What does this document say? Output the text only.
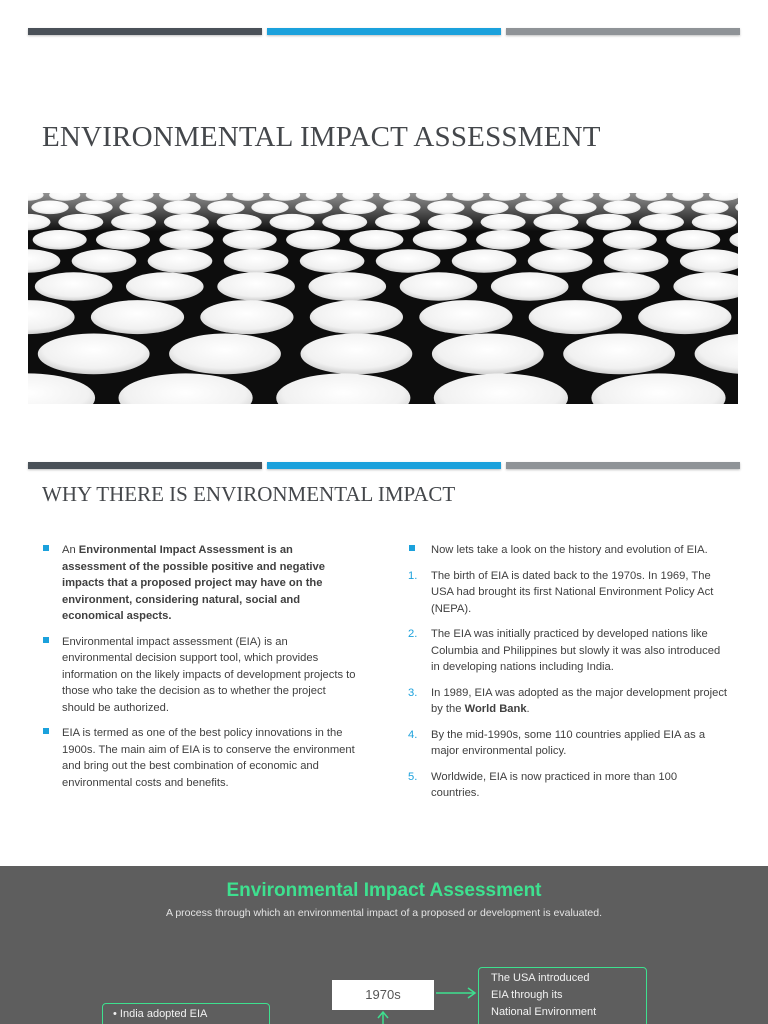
ENVIRONMENTAL IMPACT ASSESSMENT
WHY THERE IS ENVIRONMENTAL IMPACT
An Environmental Impact Assessment is an assessment of the possible positive and negative impacts that a proposed project may have on the environment, considering natural, social and economical aspects.
Environmental impact assessment (EIA) is an environmental decision support tool, which provides information on the likely impacts of development projects to those who take the decision as to whether the project should be authorized.
EIA is termed as one of the best policy innovations in the 1900s. The main aim of EIA is to conserve the environment and bring out the best combination of economic and environmental costs and benefits.
Now lets take a look on the history and evolution of EIA.
1. The birth of EIA is dated back to the 1970s. In 1969, The USA had brought its first National Environment Policy Act (NEPA).
2. The EIA was initially practiced by developed nations like Columbia and Philippines but slowly it was also introduced in developing nations including India.
3. In 1989, EIA was adopted as the major development project by the World Bank.
4. By the mid-1990s, some 110 countries applied EIA as a major environmental policy.
5. Worldwide, EIA is now practiced in more than 100 countries.
Environmental Impact Assessment
A process through which an environmental impact of a proposed or development is evaluated.
1970s
The USA introduced
EIA through its
National Environment
• India adopted EIA
